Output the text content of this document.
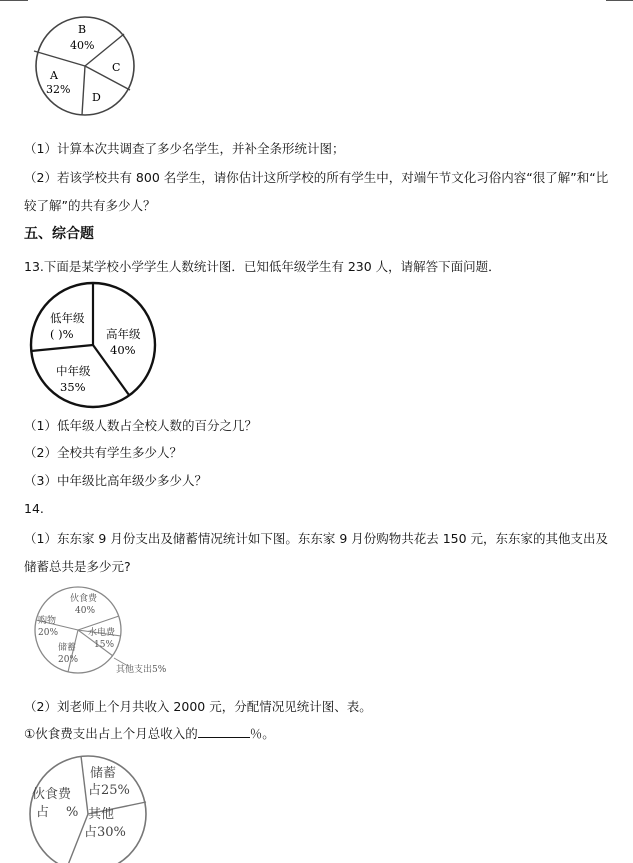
B
40%
C
D
A
32%
（1）计算本次共调查了多少名学生，并补全条形统计图；
（2）若该学校共有 800 名学生，请你估计这所学校的所有学生中，对端午节文化习俗内容“很了解”和“比
较了解”的共有多少人？
五、综合题
13.下面是某学校小学学生人数统计图．已知低年级学生有 230 人，请解答下面问题．
低年级
( )%	高年级
40%
中年级
35%
（1）低年级人数占全校人数的百分之几？
（2）全校共有学生多少人？
（3）中年级比高年级少多少人？
14.
（1）东东家 9 月份支出及储蓄情况统计如下图。东东家 9 月份购物共花去 150 元，东东家的其他支出及
储蓄总共是多少元?
伙食费
40%
购物
20%	水电费
15%
储蓄
20%
其他支出5%
（2）刘老师上个月共收入 2000 元，分配情况见统计图、表。
①伙食费支出占上个月总收入的	％。
伙食费
占 %
储蓄
占25%
其他
占30%
